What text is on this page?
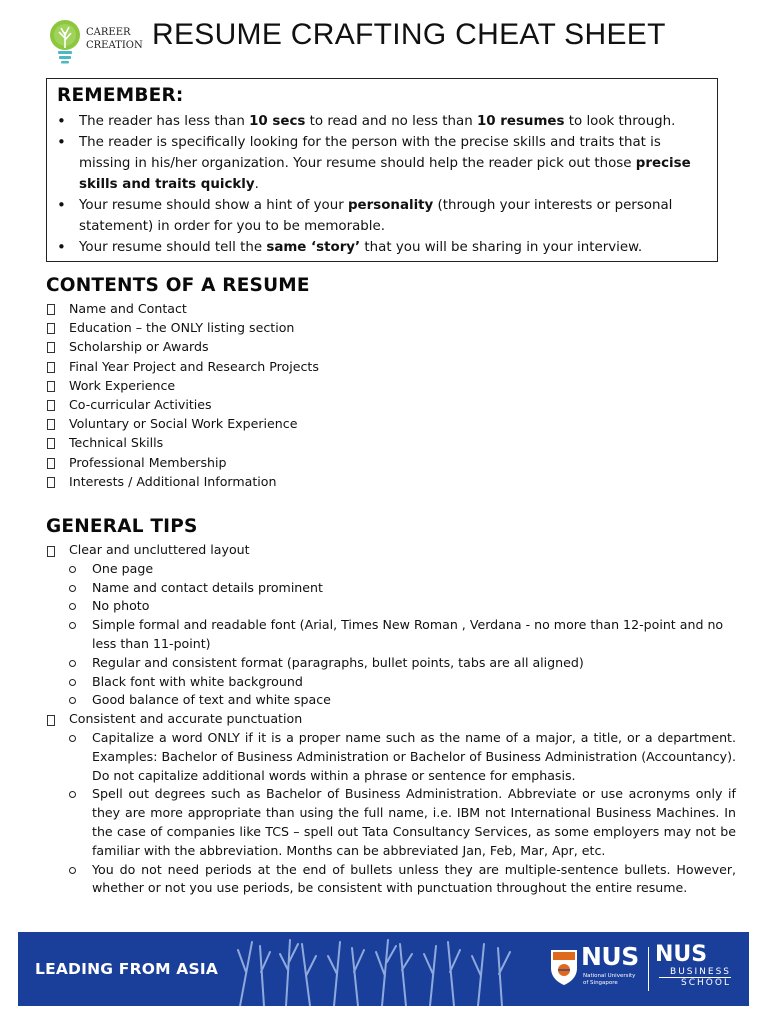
CAREER
CREATION RESUME CRAFTING CHEAT SHEET
REMEMBER:
• The reader has less than 10 secs to read and no less than 10 resumes to look through.
• The reader is specifically looking for the person with the precise skills and traits that is missing in his/her organization. Your resume should help the reader pick out those precise skills and traits quickly.
• Your resume should show a hint of your personality (through your interests or personal statement) in order for you to be memorable.
• Your resume should tell the same ‘story’ that you will be sharing in your interview.
CONTENTS OF A RESUME
Name and Contact
Education – the ONLY listing section
Scholarship or Awards
Final Year Project and Research Projects
Work Experience
Co-curricular Activities
Voluntary or Social Work Experience
Technical Skills
Professional Membership
Interests / Additional Information
GENERAL TIPS
Clear and uncluttered layout
One page
Name and contact details prominent
No photo
Simple formal and readable font (Arial, Times New Roman , Verdana - no more than 12-point and no less than 11-point)
Regular and consistent format (paragraphs, bullet points, tabs are all aligned)
Black font with white background
Good balance of text and white space
Consistent and accurate punctuation
Capitalize a word ONLY if it is a proper name such as the name of a major, a title, or a department. Examples: Bachelor of Business Administration or Bachelor of Business Administration (Accountancy). Do not capitalize additional words within a phrase or sentence for emphasis.
Spell out degrees such as Bachelor of Business Administration. Abbreviate or use acronyms only if they are more appropriate than using the full name, i.e. IBM not International Business Machines. In the case of companies like TCS – spell out Tata Consultancy Services, as some employers may not be familiar with the abbreviation. Months can be abbreviated Jan, Feb, Mar, Apr, etc.
You do not need periods at the end of bullets unless they are multiple-sentence bullets. However, whether or not you use periods, be consistent with punctuation throughout the entire resume.
LEADING FROM ASIA	NUS
National University
of Singapore
NUS
BUSINESS
SCHOOL
